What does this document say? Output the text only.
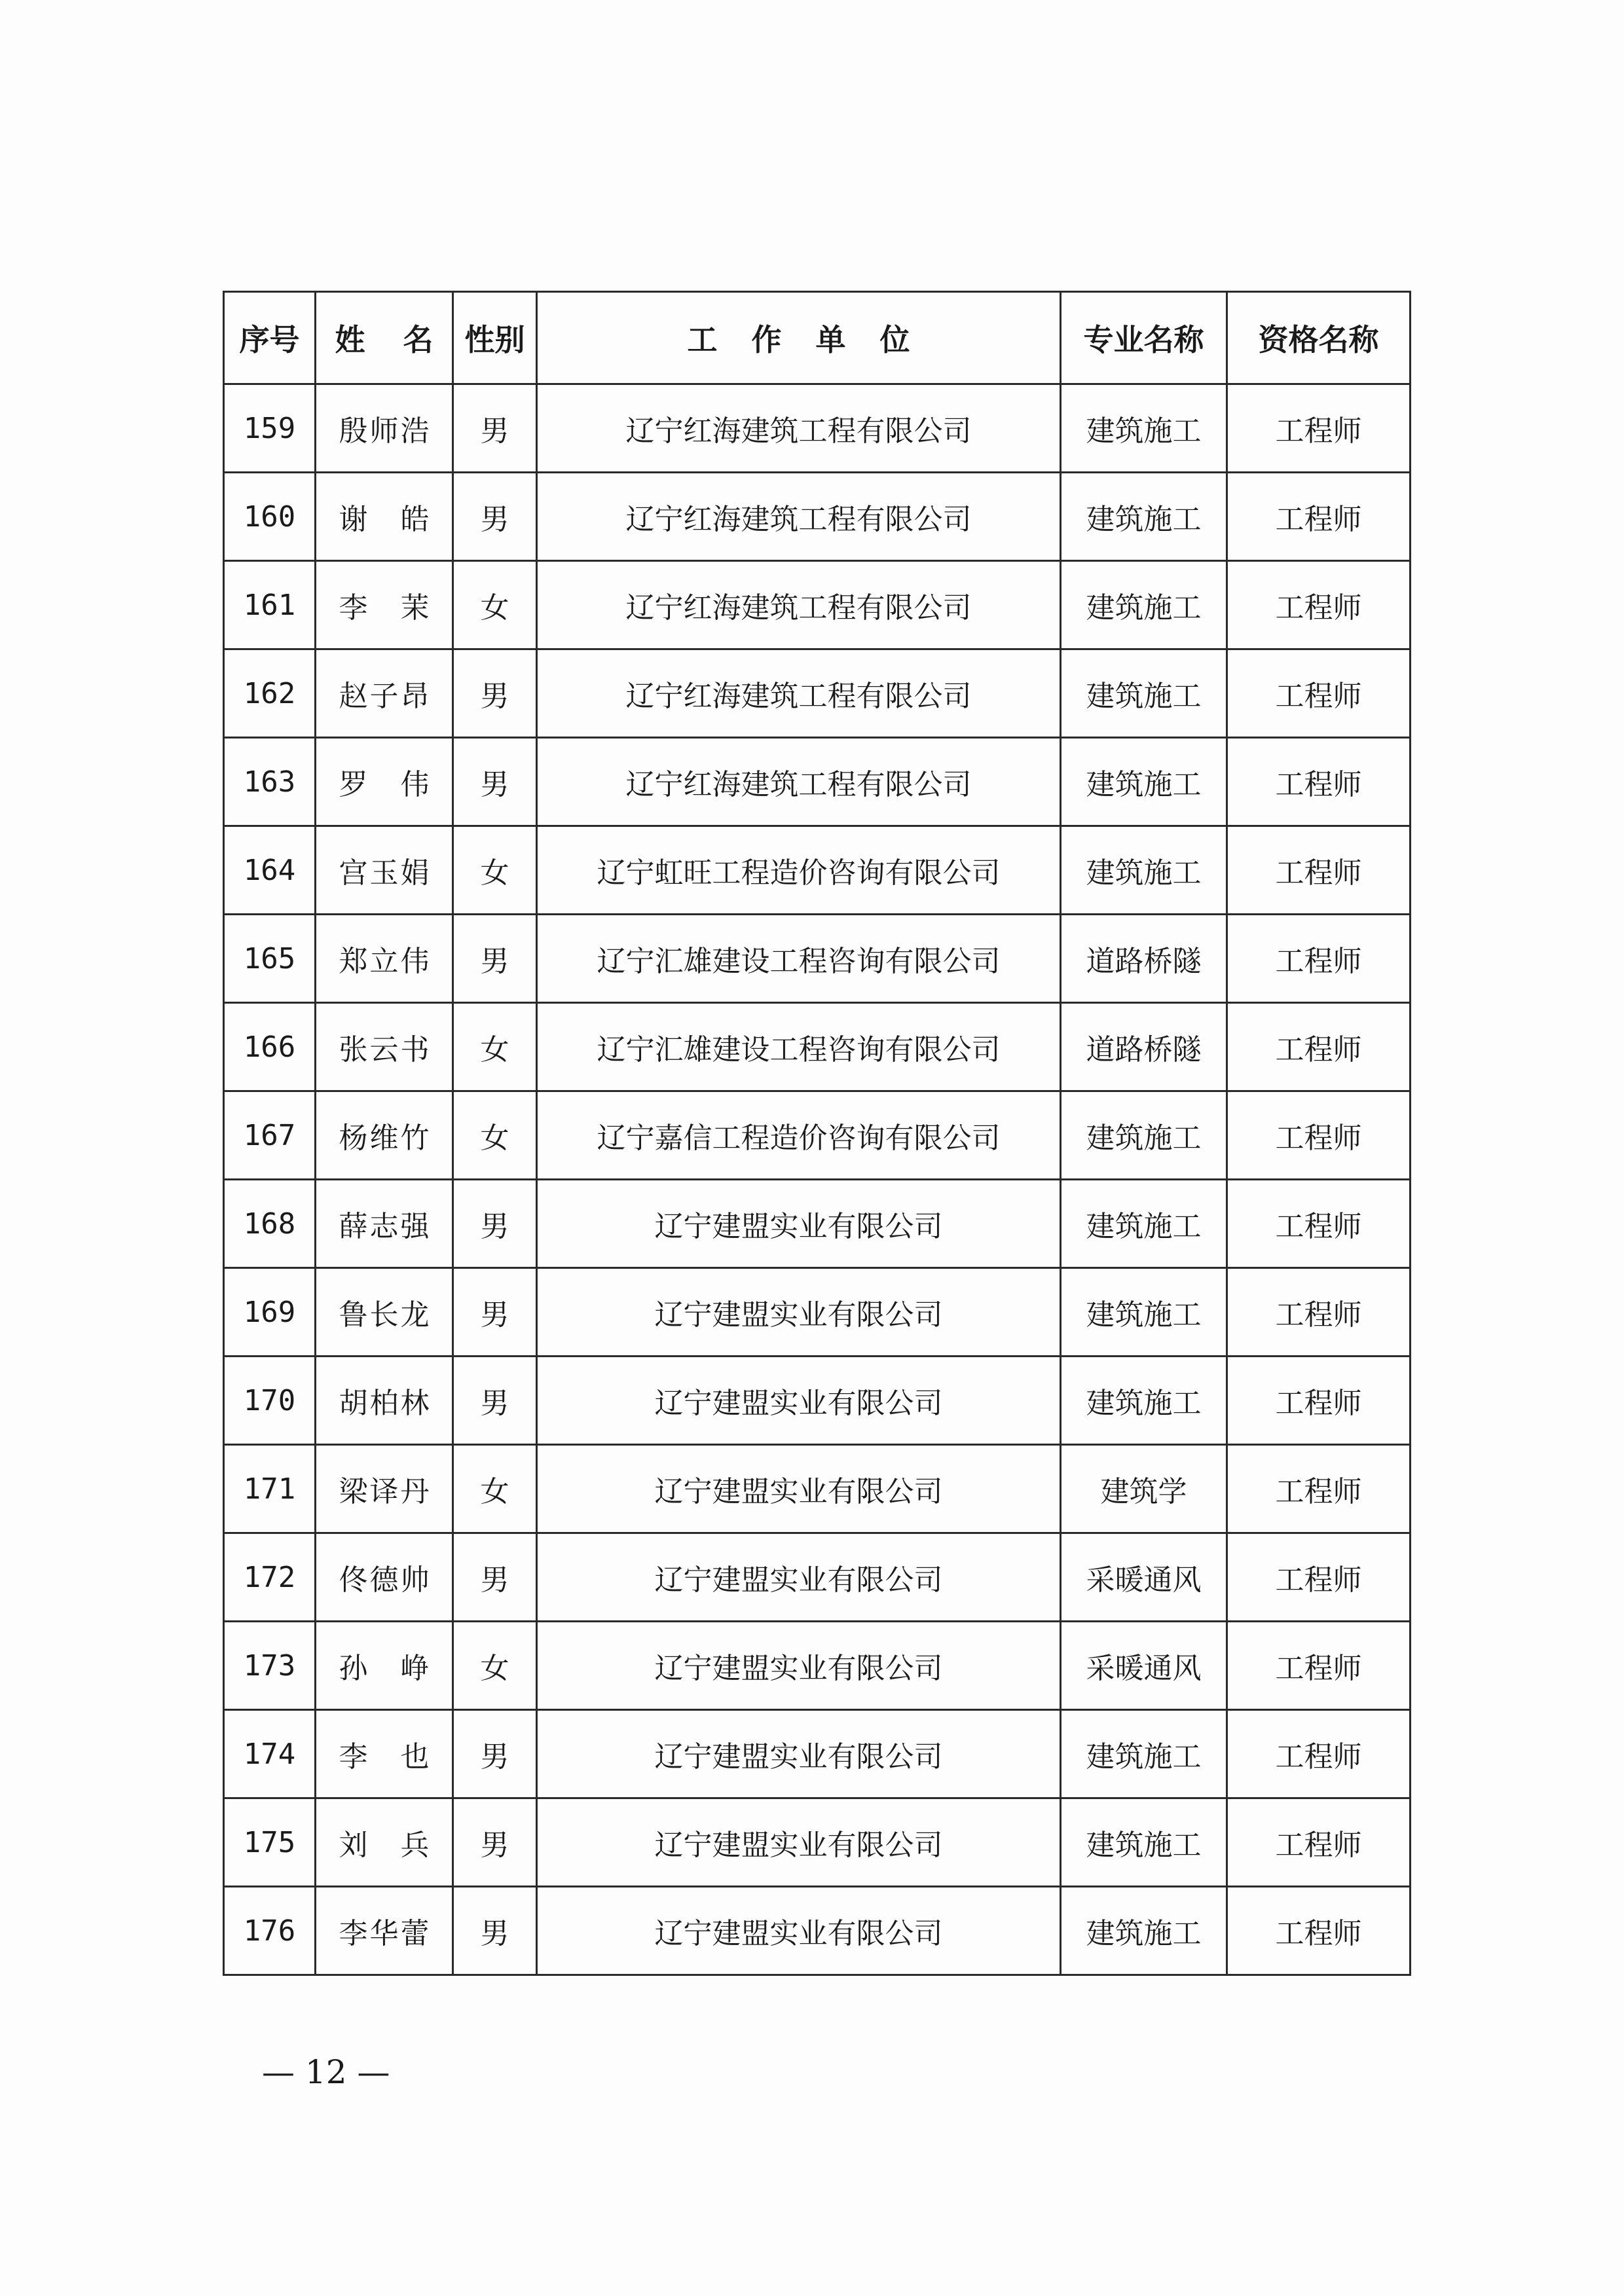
序号	姓 名	性别	工 作 单 位	专业名称	资格名称
159	殷师浩	男	辽宁红海建筑工程有限公司	建筑施工	工程师
160	谢 皓	男	辽宁红海建筑工程有限公司	建筑施工	工程师
161	李 茉	女	辽宁红海建筑工程有限公司	建筑施工	工程师
162	赵子昂	男	辽宁红海建筑工程有限公司	建筑施工	工程师
163	罗 伟	男	辽宁红海建筑工程有限公司	建筑施工	工程师
164	宫玉娟	女	辽宁虹旺工程造价咨询有限公司	建筑施工	工程师
165	郑立伟	男	辽宁汇雄建设工程咨询有限公司	道路桥隧	工程师
166	张云书	女	辽宁汇雄建设工程咨询有限公司	道路桥隧	工程师
167	杨维竹	女	辽宁嘉信工程造价咨询有限公司	建筑施工	工程师
168	薛志强	男	辽宁建盟实业有限公司	建筑施工	工程师
169	鲁长龙	男	辽宁建盟实业有限公司	建筑施工	工程师
170	胡柏林	男	辽宁建盟实业有限公司	建筑施工	工程师
171	梁译丹	女	辽宁建盟实业有限公司	建筑学	工程师
172	佟德帅	男	辽宁建盟实业有限公司	采暖通风	工程师
173	孙 峥	女	辽宁建盟实业有限公司	采暖通风	工程师
174	李 也	男	辽宁建盟实业有限公司	建筑施工	工程师
175	刘 兵	男	辽宁建盟实业有限公司	建筑施工	工程师
176	李华蕾	男	辽宁建盟实业有限公司	建筑施工	工程师
— 12 —
